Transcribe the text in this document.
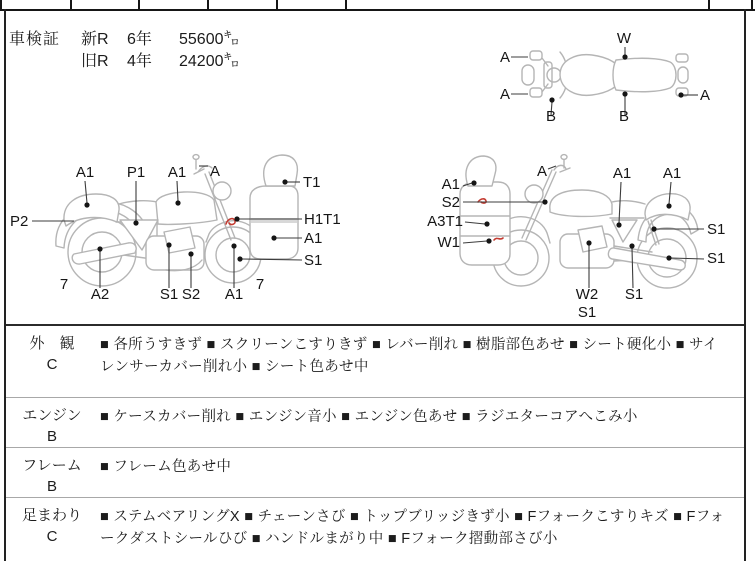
車検証	新R	6年	55600㌔
旧R	4年	24200㌔	A
A
W
B	B
A
A1 P1 A1 A
T1
P2	H1T1
A1
S1
7
A2	S1 S2 A1
7
A1
S2
A3T1
W1
A	A1 A1
S1
S1
W2
S1
S1
外　観
C
■ 各所うすきず ■ スクリーンこすりきず ■ レバー削れ ■ 樹脂部色あせ ■ シート硬化小 ■ サイレンサーカバー削れ小 ■ シート色あせ中
エンジン
B
■ ケースカバー削れ ■ エンジン音小 ■ エンジン色あせ ■ ラジエターコアへこみ小
フレーム
B
■ フレーム色あせ中
足まわり
C
■ ステムベアリングX ■ チェーンさび ■ トップブリッジきず小 ■ Fフォークこすりキズ ■ Fフォークダストシールひび ■ ハンドルまがり中 ■ Fフォーク摺動部さび小
